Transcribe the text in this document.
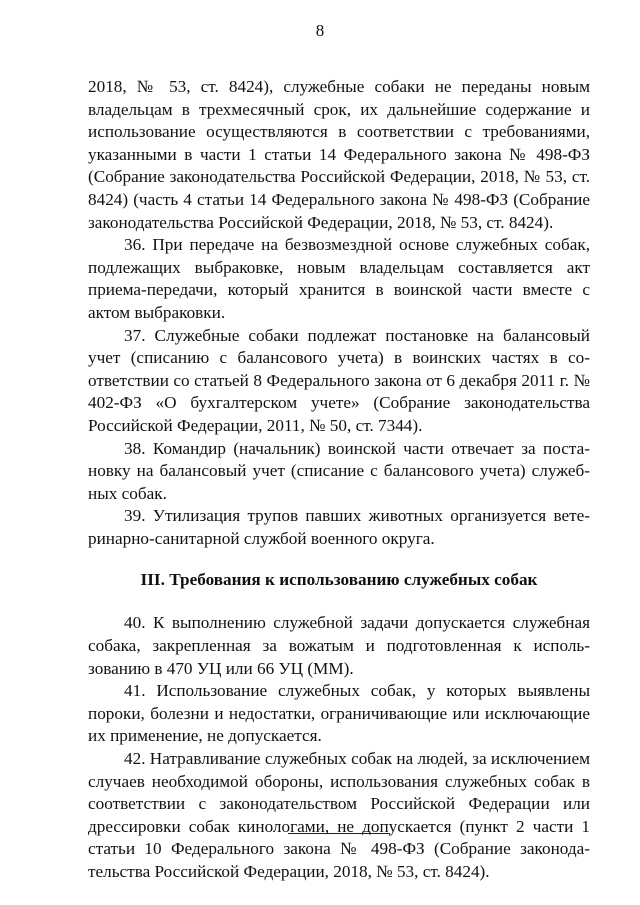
8

2018, № 53, ст. 8424), служебные собаки не переданы новым владельцам в трехмесячный срок, их дальнейшие содержание и использование осуществляются в соответствии с требованиями, указанными в части 1 статьи 14 Федерального закона № 498-ФЗ (Собрание законодательства Российской Федерации, 2018, № 53, ст. 8424) (часть 4 статьи 14 Федерального закона № 498-ФЗ (Собрание законодательства Российской Федерации, 2018, № 53, ст. 8424).

36. При передаче на безвозмездной основе служебных собак, подлежащих выбраковке, новым владельцам составляется акт приема-передачи, который хранится в воинской части вместе с актом выбраковки.

37. Служебные собаки подлежат постановке на балансовый учет (списанию с балансового учета) в воинских частях в соответствии со статьей 8 Федерального закона от 6 декабря 2011 г. № 402-ФЗ «О бухгалтерском учете» (Собрание законодательства Российской Федерации, 2011, № 50, ст. 7344).

38. Командир (начальник) воинской части отвечает за постановку на балансовый учет (списание с балансового учета) служебных собак.

39. Утилизация трупов павших животных организуется ветеринарно-санитарной службой военного округа.

III. Требования к использованию служебных собак

40. К выполнению служебной задачи допускается служебная собака, закрепленная за вожатым и подготовленная к использованию в 470 УЦ или 66 УЦ (ММ).

41. Использование служебных собак, у которых выявлены пороки, болезни и недостатки, ограничивающие или исключающие их применение, не допускается.

42. Натравливание служебных собак на людей, за исключением случаев необходимой обороны, использования служебных собак в соответствии с законодательством Российской Федерации или дрессировки собак кинологами, не допускается (пункт 2 части 1 статьи 10 Федерального закона № 498-ФЗ (Собрание законодательства Российской Федерации, 2018, № 53, ст. 8424).
